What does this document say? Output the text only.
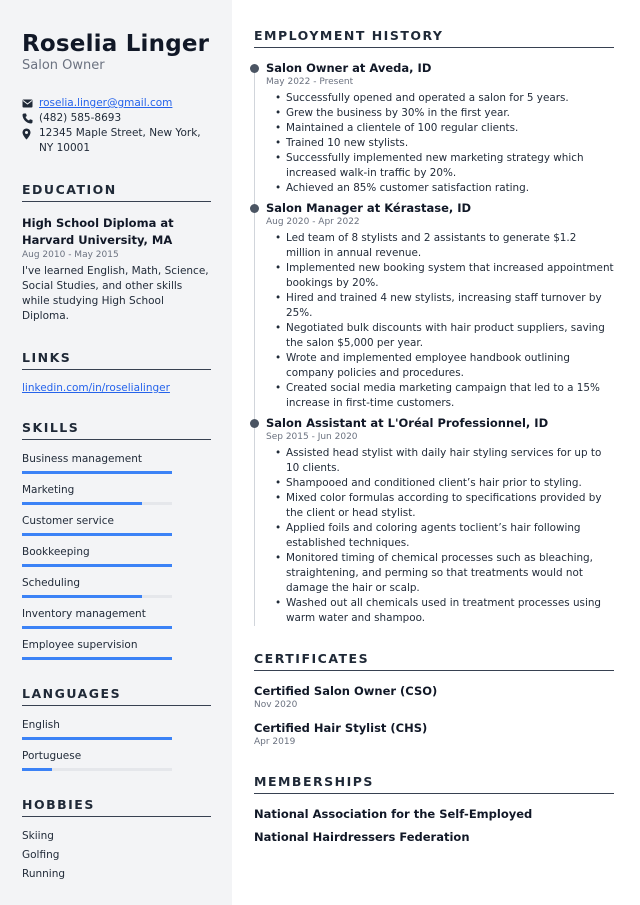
Roselia Linger
Salon Owner
roselia.linger@gmail.com
(482) 585-8693
12345 Maple Street, New York, NY 10001
EDUCATION
High School Diploma at Harvard University, MA
Aug 2010 - May 2015

I've learned English, Math, Science, Social Studies, and other skills while studying High School Diploma.

LINKS
linkedin.com/in/roselialinger
SKILLS
Business management
Marketing
Customer service
Bookkeeping
Scheduling
Inventory management
Employee supervision
LANGUAGES
English
Portuguese
HOBBIES
Skiing
Golfing
Running
EMPLOYMENT HISTORY
Salon Owner at Aveda, ID
May 2022 - Present
• Successfully opened and operated a salon for 5 years.
• Grew the business by 30% in the first year.
• Maintained a clientele of 100 regular clients.
• Trained 10 new stylists.
• Successfully implemented new marketing strategy which increased walk-in traffic by 20%.
• Achieved an 85% customer satisfaction rating.
Salon Manager at Kérastase, ID
Aug 2020 - Apr 2022
• Led team of 8 stylists and 2 assistants to generate $1.2 million in annual revenue.
• Implemented new booking system that increased appointment bookings by 20%.
• Hired and trained 4 new stylists, increasing staff turnover by 25%.
• Negotiated bulk discounts with hair product suppliers, saving the salon $5,000 per year.
• Wrote and implemented employee handbook outlining company policies and procedures.
• Created social media marketing campaign that led to a 15% increase in first-time customers.
Salon Assistant at L'Oréal Professionnel, ID
Sep 2015 - Jun 2020
• Assisted head stylist with daily hair styling services for up to 10 clients.
• Shampooed and conditioned client’s hair prior to styling.
• Mixed color formulas according to specifications provided by the client or head stylist.
• Applied foils and coloring agents toclient’s hair following established techniques.
• Monitored timing of chemical processes such as bleaching, straightening, and perming so that treatments would not damage the hair or scalp.
• Washed out all chemicals used in treatment processes using warm water and shampoo.
CERTIFICATES
Certified Salon Owner (CSO)
Nov 2020
Certified Hair Stylist (CHS)
Apr 2019
MEMBERSHIPS
National Association for the Self-Employed
National Hairdressers Federation
